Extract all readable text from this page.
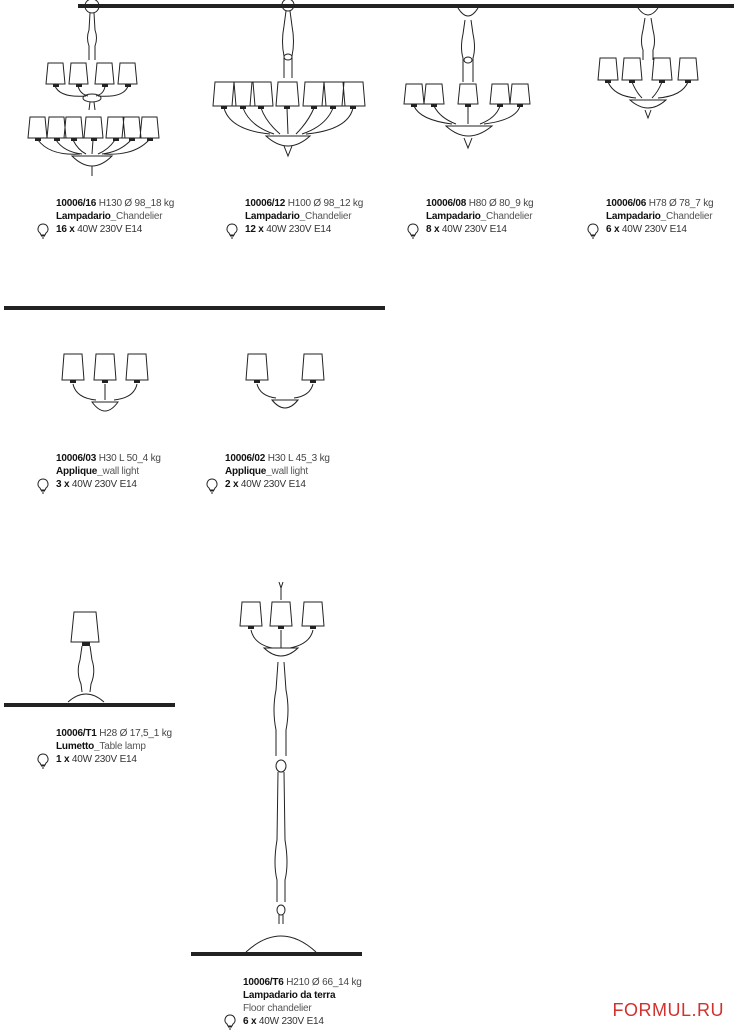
10006/16 H130 Ø 98_18 kg
Lampadario_Chandelier
16 x 40W 230V E14
10006/12 H100 Ø 98_12 kg
Lampadario_Chandelier
12 x 40W 230V E14
10006/08 H80 Ø 80_9 kg
Lampadario_Chandelier
8 x 40W 230V E14
10006/06 H78 Ø 78_7 kg
Lampadario_Chandelier
6 x 40W 230V E14
10006/03 H30 L 50_4 kg
Applique_wall light
3 x 40W 230V E14
10006/02 H30 L 45_3 kg
Applique_wall light
2 x 40W 230V E14
10006/T1 H28 Ø 17,5_1 kg
Lumetto_Table lamp
1 x 40W 230V E14
10006/T6 H210 Ø 66_14 kg
Lampadario da terra
Floor chandelier
6 x 40W 230V E14
FORMUL.RU
